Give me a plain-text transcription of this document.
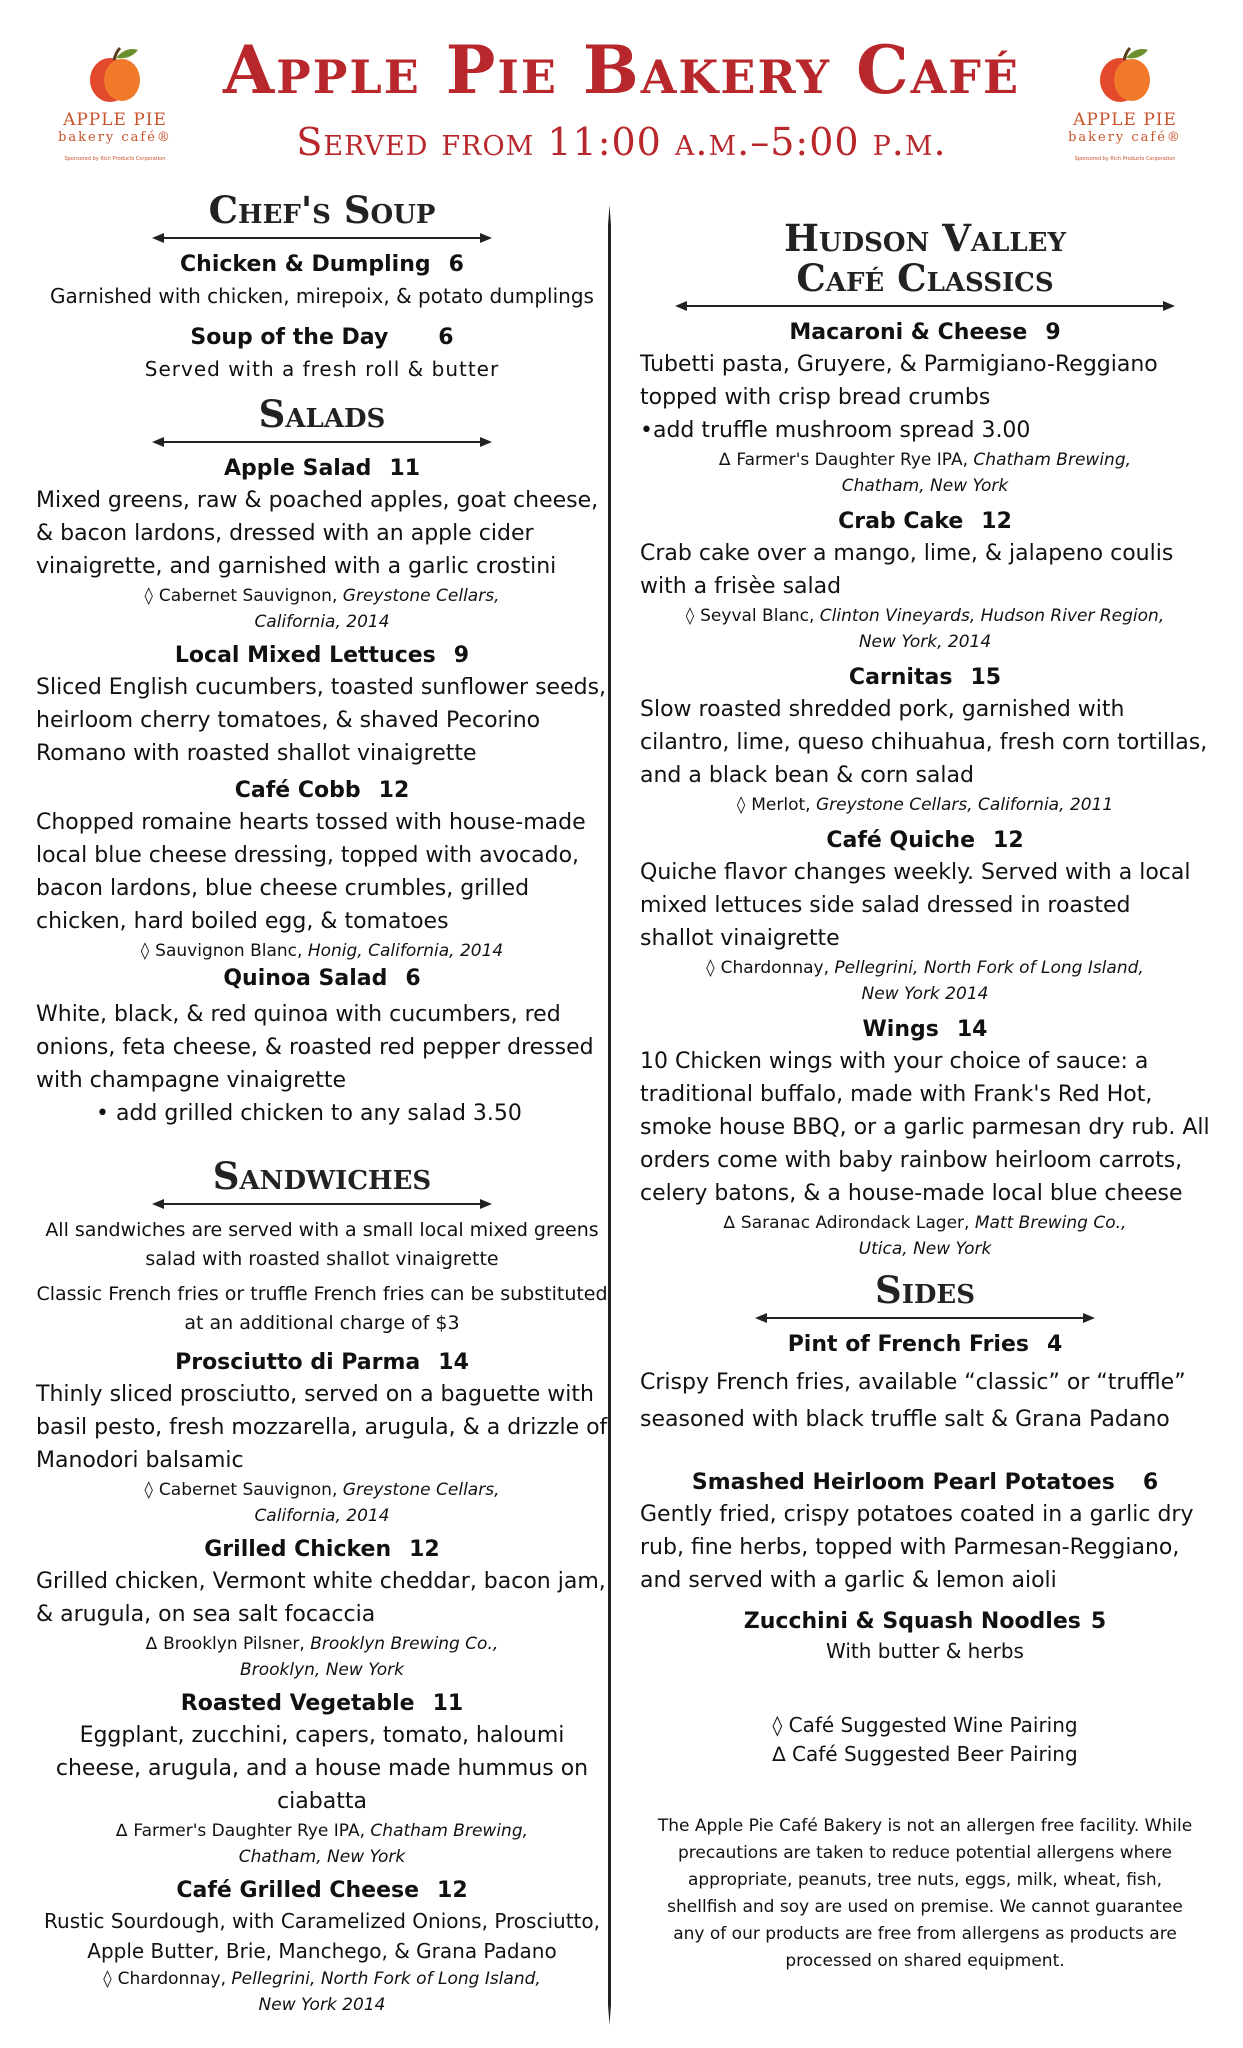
APPLE PIE
bakery café®
Sponsored by Rich Products Corporation
APPLE PIE
bakery café®
Sponsored by Rich Products Corporation
Apple Pie Bakery Café
Served from 11:00 a.m.–5:00 p.m.
Chef's Soup
Chicken & Dumpling 6
Garnished with chicken, mirepoix, & potato dumplings
Soup of the Day 6
Served with a fresh roll & butter
Salads
Apple Salad 11
Mixed greens, raw & poached apples, goat cheese, & bacon lardons, dressed with an apple cider vinaigrette, and garnished with a garlic crostini
◊ Cabernet Sauvignon, Greystone Cellars,
California, 2014
Local Mixed Lettuces 9
Sliced English cucumbers, toasted sunflower seeds, heirloom cherry tomatoes, & shaved Pecorino Romano with roasted shallot vinaigrette
Café Cobb 12
Chopped romaine hearts tossed with house-made local blue cheese dressing, topped with avocado, bacon lardons, blue cheese crumbles, grilled chicken, hard boiled egg, & tomatoes
◊ Sauvignon Blanc, Honig, California, 2014
Quinoa Salad 6
White, black, & red quinoa with cucumbers, red onions, feta cheese, & roasted red pepper dressed with champagne vinaigrette
• add grilled chicken to any salad 3.50
Sandwiches
All sandwiches are served with a small local mixed greens salad with roasted shallot vinaigrette
Classic French fries or truffle French fries can be substituted at an additional charge of $3
Prosciutto di Parma 14
Thinly sliced prosciutto, served on a baguette with basil pesto, fresh mozzarella, arugula, & a drizzle of Manodori balsamic
◊ Cabernet Sauvignon, Greystone Cellars,
California, 2014
Grilled Chicken 12
Grilled chicken, Vermont white cheddar, bacon jam, & arugula, on sea salt focaccia
∆ Brooklyn Pilsner, Brooklyn Brewing Co.,
Brooklyn, New York
Roasted Vegetable 11
Eggplant, zucchini, capers, tomato, haloumi cheese, arugula, and a house made hummus on ciabatta
∆ Farmer's Daughter Rye IPA, Chatham Brewing,
Chatham, New York
Café Grilled Cheese 12
Rustic Sourdough, with Caramelized Onions, Prosciutto, Apple Butter, Brie, Manchego, & Grana Padano
◊ Chardonnay, Pellegrini, North Fork of Long Island,
New York 2014
Hudson Valley
Café Classics
Macaroni & Cheese 9
Tubetti pasta, Gruyere, & Parmigiano-Reggiano topped with crisp bread crumbs
•add truffle mushroom spread 3.00
∆ Farmer's Daughter Rye IPA, Chatham Brewing,
Chatham, New York
Crab Cake 12
Crab cake over a mango, lime, & jalapeno coulis with a frisèe salad
◊ Seyval Blanc, Clinton Vineyards, Hudson River Region,
New York, 2014
Carnitas 15
Slow roasted shredded pork, garnished with cilantro, lime, queso chihuahua, fresh corn tortillas, and a black bean & corn salad
◊ Merlot, Greystone Cellars, California, 2011
Café Quiche 12
Quiche flavor changes weekly. Served with a local mixed lettuces side salad dressed in roasted shallot vinaigrette
◊ Chardonnay, Pellegrini, North Fork of Long Island,
New York 2014
Wings 14
10 Chicken wings with your choice of sauce: a traditional buffalo, made with Frank's Red Hot, smoke house BBQ, or a garlic parmesan dry rub. All orders come with baby rainbow heirloom carrots, celery batons, & a house-made local blue cheese
∆ Saranac Adirondack Lager, Matt Brewing Co.,
Utica, New York
Sides
Pint of French Fries 4
Crispy French fries, available “classic” or “truffle” seasoned with black truffle salt & Grana Padano
Smashed Heirloom Pearl Potatoes 6
Gently fried, crispy potatoes coated in a garlic dry rub, fine herbs, topped with Parmesan-Reggiano, and served with a garlic & lemon aioli
Zucchini & Squash Noodles 5
With butter & herbs
◊ Café Suggested Wine Pairing
∆ Café Suggested Beer Pairing
The Apple Pie Café Bakery is not an allergen free facility. While precautions are taken to reduce potential allergens where appropriate, peanuts, tree nuts, eggs, milk, wheat, fish, shellfish and soy are used on premise. We cannot guarantee any of our products are free from allergens as products are processed on shared equipment.
